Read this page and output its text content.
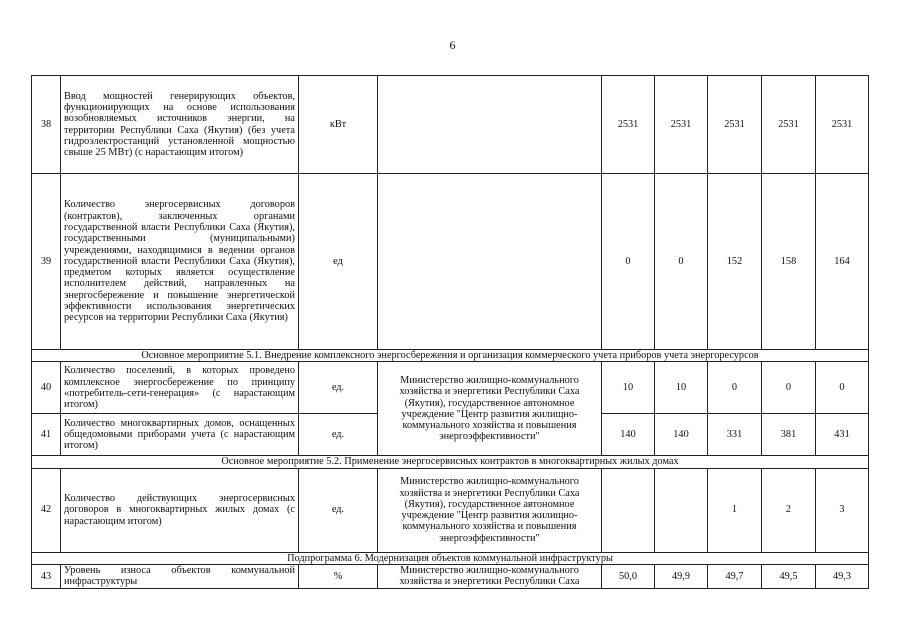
6
38	Ввод мощностей генерирующих объектов, функционирующих на основе использования возобновляемых источников энергии, на территории Республики Саха (Якутия) (без учета гидроэлектростанций установленной мощностью свыше 25 МВт) (с нарастающим итогом)	кВт		2531	2531	2531	2531	2531
39	Количество энергосервисных договоров (контрактов), заключенных органами государственной власти Республики Саха (Якутия), государственными (муниципальными) учреждениями, находящимися в ведении органов государственной власти Республики Саха (Якутия), предметом которых является осуществление исполнителем действий, направленных на энергосбережение и повышение энергетической эффективности использования энергетических ресурсов на территории Республики Саха (Якутия)	ед		0	0	152	158	164
Основное мероприятие 5.1. Внедрение комплексного энергосбережения и организация коммерческого учета приборов учета энергоресурсов								
40	Количество поселений, в которых проведено комплексное энергосбережение по принципу «потребитель-сети-генерация» (с нарастающим итогом)	ед.	Министерство жилищно-коммунального хозяйства и энергетики Республики Саха (Якутия), государственное автономное учреждение "Центр развития жилищно-коммунального хозяйства и повышения энергоэффективности"	10	10	0	0	0
41	Количество многоквартирных домов, оснащенных общедомовыми приборами учета (с нарастающим итогом)	ед.		140	140	331	381	431
Основное мероприятие 5.2. Применение энергосервисных контрактов в многоквартирных жилых домах								
42	Количество действующих энергосервисных договоров в многоквартирных жилых домах (с нарастающим итогом)	ед.	Министерство жилищно-коммунального хозяйства и энергетики Республики Саха (Якутия), государственное автономное учреждение "Центр развития жилищно-коммунального хозяйства и повышения энергоэффективности"			1	2	3
Подпрограмма 6. Модернизация объектов коммунальной инфраструктуры								
43	Уровень износа объектов коммунальной инфраструктуры	%	Министерство жилищно-коммунального хозяйства и энергетики Республики Саха	50,0	49,9	49,7	49,5	49,3
